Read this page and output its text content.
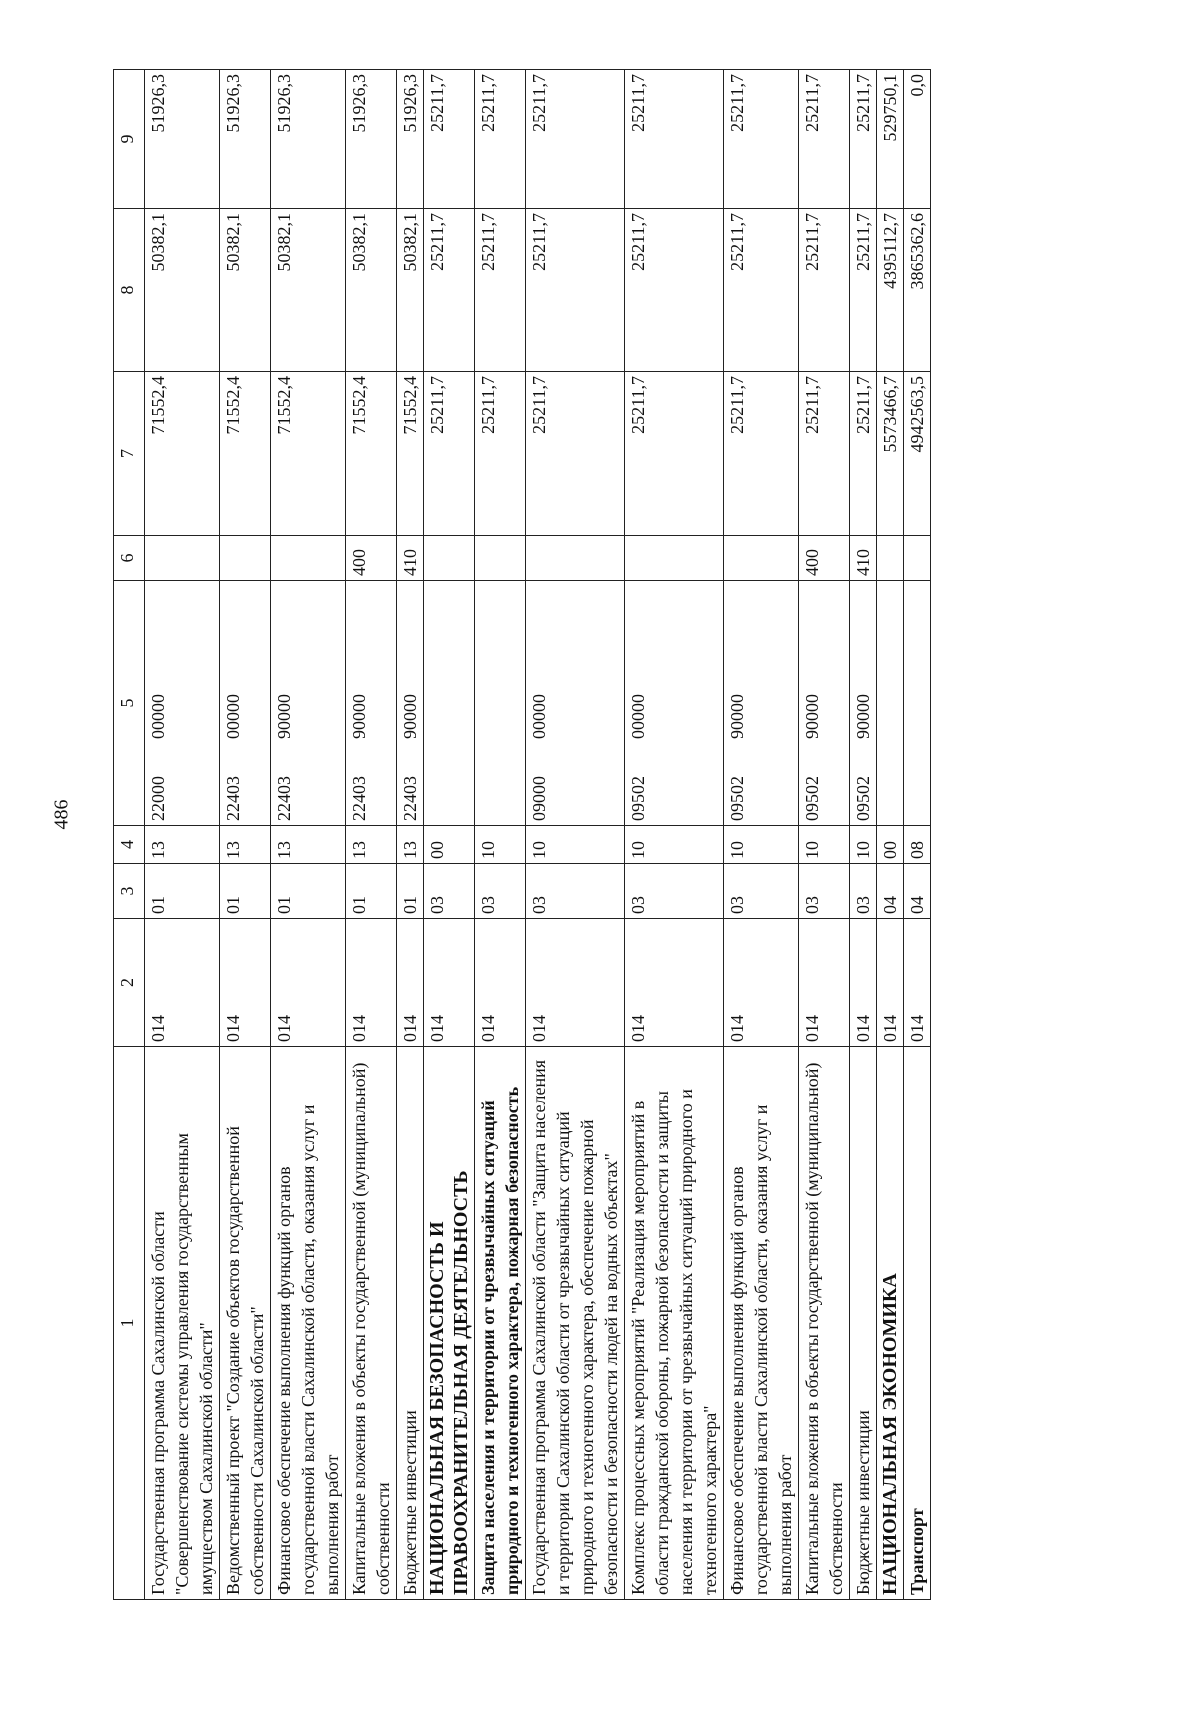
486
1	2	3	4	5	6	7	8	9
Государственная программа Сахалинской области "Совершенствование системы управления государственным имуществом Сахалинской области"	014	01	13	2200000000		71552,4	50382,1	51926,3
Ведомственный проект "Создание объектов государственной собственности Сахалинской области"	014	01	13	2240300000		71552,4	50382,1	51926,3
Финансовое обеспечение выполнения функций органов государственной власти Сахалинской области, оказания услуг и выполнения работ	014	01	13	2240390000		71552,4	50382,1	51926,3
Капитальные вложения в объекты государственной (муниципальной) собственности	014	01	13	2240390000	400	71552,4	50382,1	51926,3
Бюджетные инвестиции	014	01	13	2240390000	410	71552,4	50382,1	51926,3
НАЦИОНАЛЬНАЯ БЕЗОПАСНОСТЬ И ПРАВООХРАНИТЕЛЬНАЯ ДЕЯТЕЛЬНОСТЬ	014	03	00			25211,7	25211,7	25211,7
Защита населения и территории от чрезвычайных ситуаций природного и техногенного характера, пожарная безопасность	014	03	10			25211,7	25211,7	25211,7
Государственная программа Сахалинской области "Защита населения и территории Сахалинской области от чрезвычайных ситуаций природного и техногенного характера, обеспечение пожарной безопасности и безопасности людей на водных объектах"	014	03	10	0900000000		25211,7	25211,7	25211,7
Комплекс процессных мероприятий "Реализация мероприятий в области гражданской обороны, пожарной безопасности и защиты населения и территории от чрезвычайных ситуаций природного и техногенного характера"	014	03	10	0950200000		25211,7	25211,7	25211,7
Финансовое обеспечение выполнения функций органов государственной власти Сахалинской области, оказания услуг и выполнения работ	014	03	10	0950290000		25211,7	25211,7	25211,7
Капитальные вложения в объекты государственной (муниципальной) собственности	014	03	10	0950290000	400	25211,7	25211,7	25211,7
Бюджетные инвестиции	014	03	10	0950290000	410	25211,7	25211,7	25211,7
НАЦИОНАЛЬНАЯ ЭКОНОМИКА	014	04	00			5573466,7	4395112,7	529750,1
Транспорт	014	04	08			4942563,5	3865362,6	0,0
